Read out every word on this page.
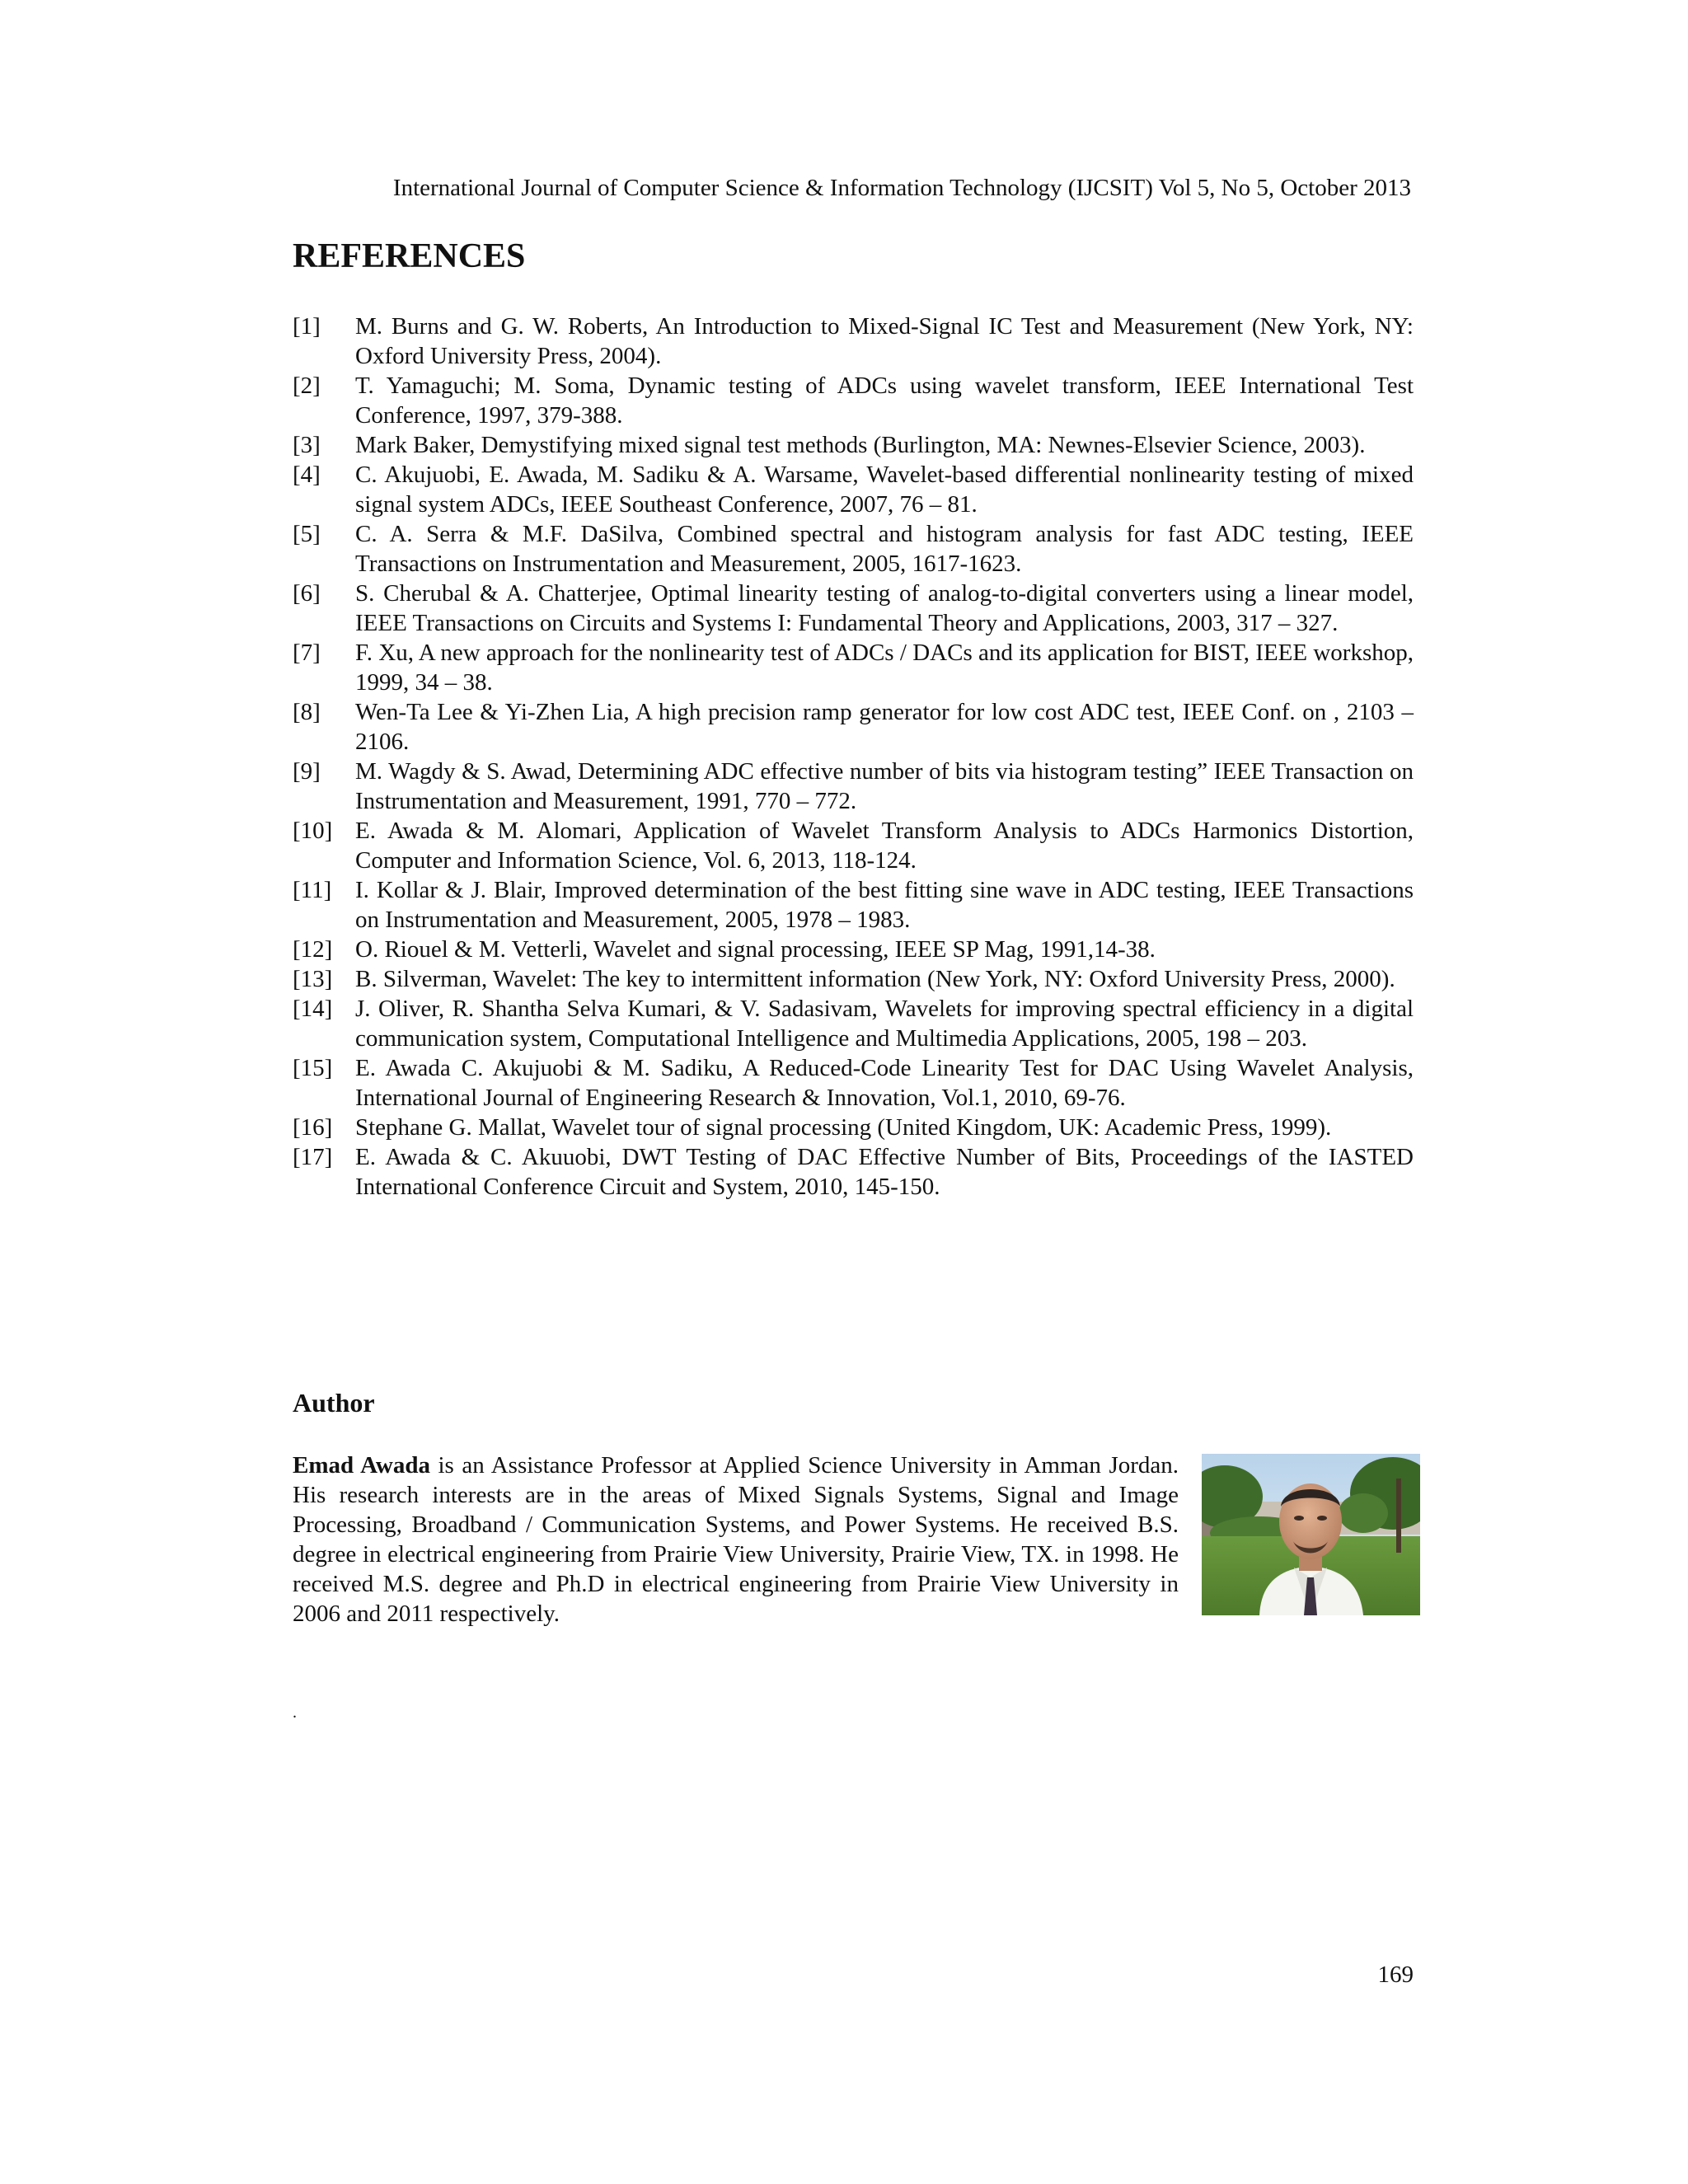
International Journal of Computer Science & Information Technology (IJCSIT) Vol 5, No 5, October 2013
REFERENCES
[1]	M. Burns and G. W. Roberts, An Introduction to Mixed-Signal IC Test and Measurement (New York, NY: Oxford University Press, 2004).
[2]	T. Yamaguchi; M. Soma, Dynamic testing of ADCs using wavelet transform, IEEE International Test Conference, 1997, 379-388.
[3]	Mark Baker, Demystifying mixed signal test methods (Burlington, MA: Newnes-Elsevier Science, 2003).
[4]	C. Akujuobi, E. Awada, M. Sadiku & A. Warsame, Wavelet-based differential nonlinearity testing of mixed signal system ADCs, IEEE Southeast Conference, 2007, 76 – 81.
[5]	C. A. Serra & M.F. DaSilva, Combined spectral and histogram analysis for fast ADC testing, IEEE Transactions on Instrumentation and Measurement, 2005, 1617-1623.
[6]	S. Cherubal & A. Chatterjee, Optimal linearity testing of analog-to-digital converters using a linear model, IEEE Transactions on Circuits and Systems I: Fundamental Theory and Applications, 2003, 317 – 327.
[7]	F. Xu, A new approach for the nonlinearity test of ADCs / DACs and its application for BIST, IEEE workshop, 1999, 34 – 38.
[8]	Wen-Ta Lee & Yi-Zhen Lia, A high precision ramp generator for low cost ADC test, IEEE Conf. on , 2103 – 2106.
[9]	M. Wagdy & S. Awad, Determining ADC effective number of bits via histogram testing” IEEE Transaction on Instrumentation and Measurement, 1991, 770 – 772.
[10] E. Awada & M. Alomari, Application of Wavelet Transform Analysis to ADCs Harmonics Distortion, Computer and Information Science, Vol. 6, 2013, 118-124.
[11] I. Kollar & J. Blair, Improved determination of the best fitting sine wave in ADC testing, IEEE Transactions on Instrumentation and Measurement, 2005, 1978 – 1983.
[12] O. Riouel & M. Vetterli, Wavelet and signal processing, IEEE SP Mag, 1991,14-38.
[13] B. Silverman, Wavelet: The key to intermittent information (New York, NY: Oxford University Press, 2000).
[14] J. Oliver, R. Shantha Selva Kumari, & V. Sadasivam, Wavelets for improving spectral efficiency in a digital communication system, Computational Intelligence and Multimedia Applications, 2005, 198 – 203.
[15] E. Awada C. Akujuobi & M. Sadiku, A Reduced-Code Linearity Test for DAC Using Wavelet Analysis, International Journal of Engineering Research & Innovation, Vol.1, 2010, 69-76.
[16] Stephane G. Mallat, Wavelet tour of signal processing (United Kingdom, UK: Academic Press, 1999).
[17] E. Awada & C. Akuuobi, DWT Testing of DAC Effective Number of Bits, Proceedings of the IASTED International Conference Circuit and System, 2010, 145-150.
Author

Emad Awada is an Assistance Professor at Applied Science University in Amman Jordan. His research interests are in the areas of Mixed Signals Systems, Signal and Image Processing, Broadband / Communication Systems, and Power Systems. He received B.S. degree in electrical engineering from Prairie View University, Prairie View, TX. in 1998. He received M.S. degree and Ph.D in electrical engineering from Prairie View University in 2006 and 2011 respectively.

.
169
